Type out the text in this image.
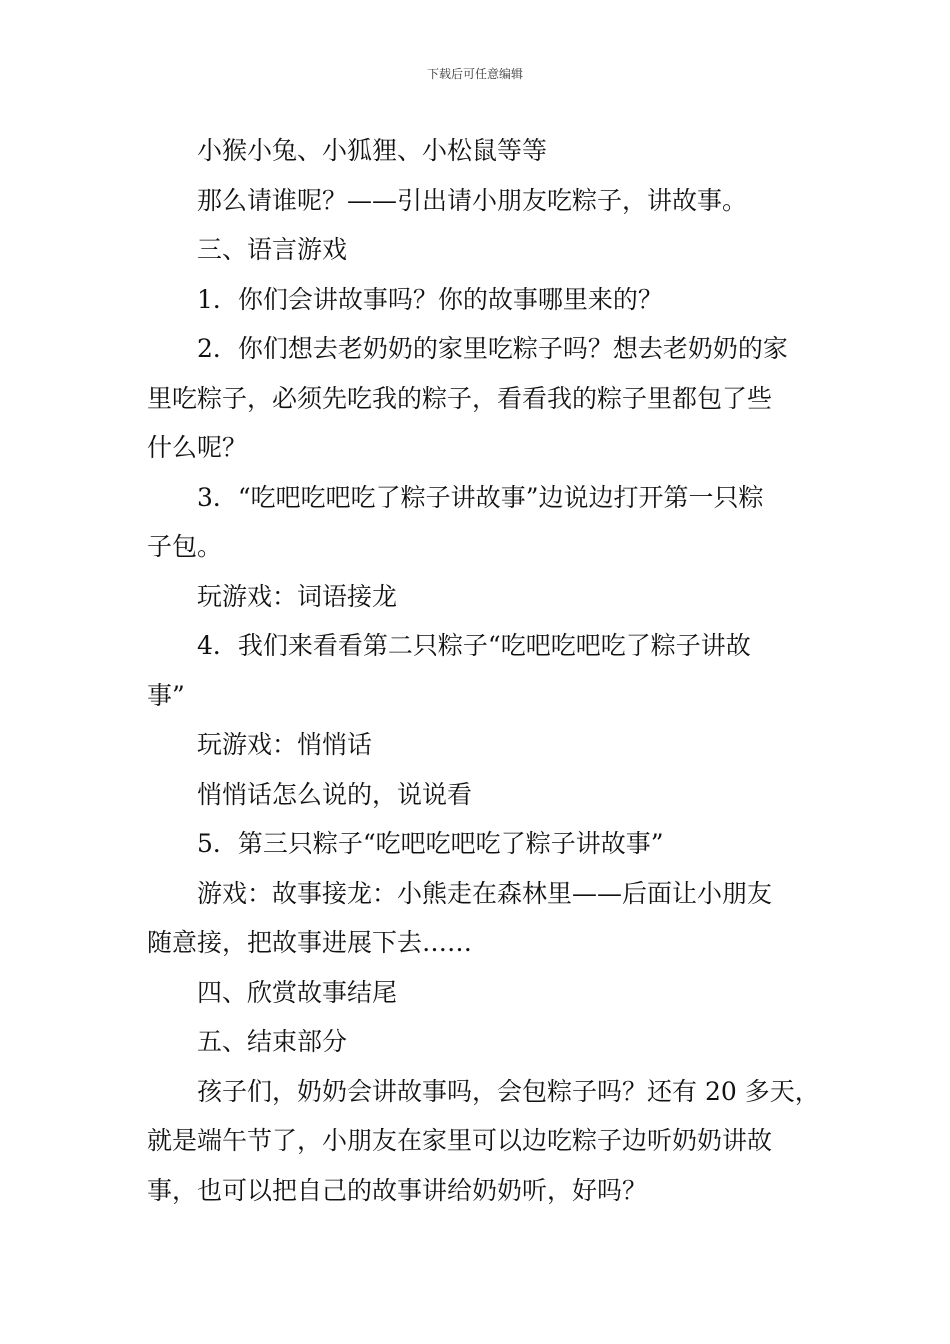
下载后可任意编辑

小猴小兔、小狐狸、小松鼠等等

那么请谁呢？——引出请小朋友吃粽子，讲故事。

三、语言游戏

1．你们会讲故事吗？你的故事哪里来的？

2．你们想去老奶奶的家里吃粽子吗？想去老奶奶的家

里吃粽子，必须先吃我的粽子，看看我的粽子里都包了些

什么呢？

3．“吃吧吃吧吃了粽子讲故事”边说边打开第一只粽

子包。

玩游戏：词语接龙

4．我们来看看第二只粽子“吃吧吃吧吃了粽子讲故

事”

玩游戏：悄悄话

悄悄话怎么说的，说说看

5．第三只粽子“吃吧吃吧吃了粽子讲故事”

游戏：故事接龙：小熊走在森林里——后面让小朋友

随意接，把故事进展下去……

四、欣赏故事结尾

五、结束部分

孩子们，奶奶会讲故事吗，会包粽子吗？还有 20 多天，

就是端午节了，小朋友在家里可以边吃粽子边听奶奶讲故

事，也可以把自己的故事讲给奶奶听，好吗？
